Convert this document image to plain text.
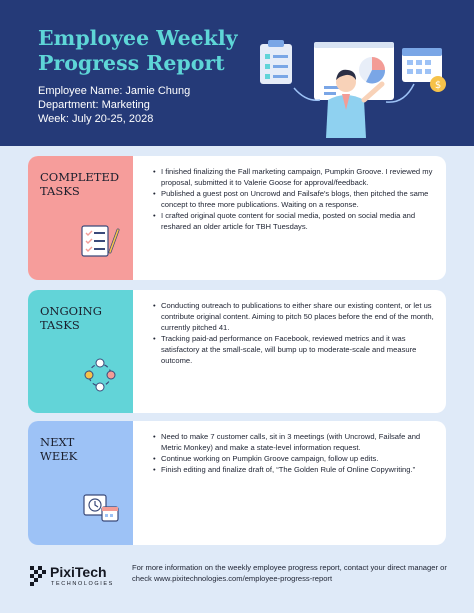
Employee Weekly
Progress Report
Employee Name: Jamie Chung
Department: Marketing
Week: July 20-25, 2028
$
COMPLETED
TASKS
• I finished finalizing the Fall marketing campaign, Pumpkin Groove. I reviewed my proposal, submitted it to Valerie Goose for approval/feedback.
• Published a guest post on Uncrowd and Failsafe's blogs, then pitched the same concept to three more publications. Waiting on a response.
• I crafted original quote content for social media, posted on social media and reshared an older article for TBH Tuesdays.
ONGOING
TASKS
• Conducting outreach to publications to either share our existing content, or let us contribute original content. Aiming to pitch 50 places before the end of the month, currently pitched 41.
• Tracking paid-ad performance on Facebook, reviewed metrics and it was satisfactory at the small-scale, will bump up to moderate-scale and measure outcome.
NEXT
WEEK
• Need to make 7 customer calls, sit in 3 meetings (with Uncrowd, Failsafe and Metric Monkey) and make a state-level information request.
• Continue working on Pumpkin Groove campaign, follow up edits.
• Finish editing and finalize draft of, “The Golden Rule of Online Copywriting.”
PixiTech
TECHNOLOGIES
For more information on the weekly employee progress report, contact your direct manager or check www.pixitechnologies.com/employee-progress-report
